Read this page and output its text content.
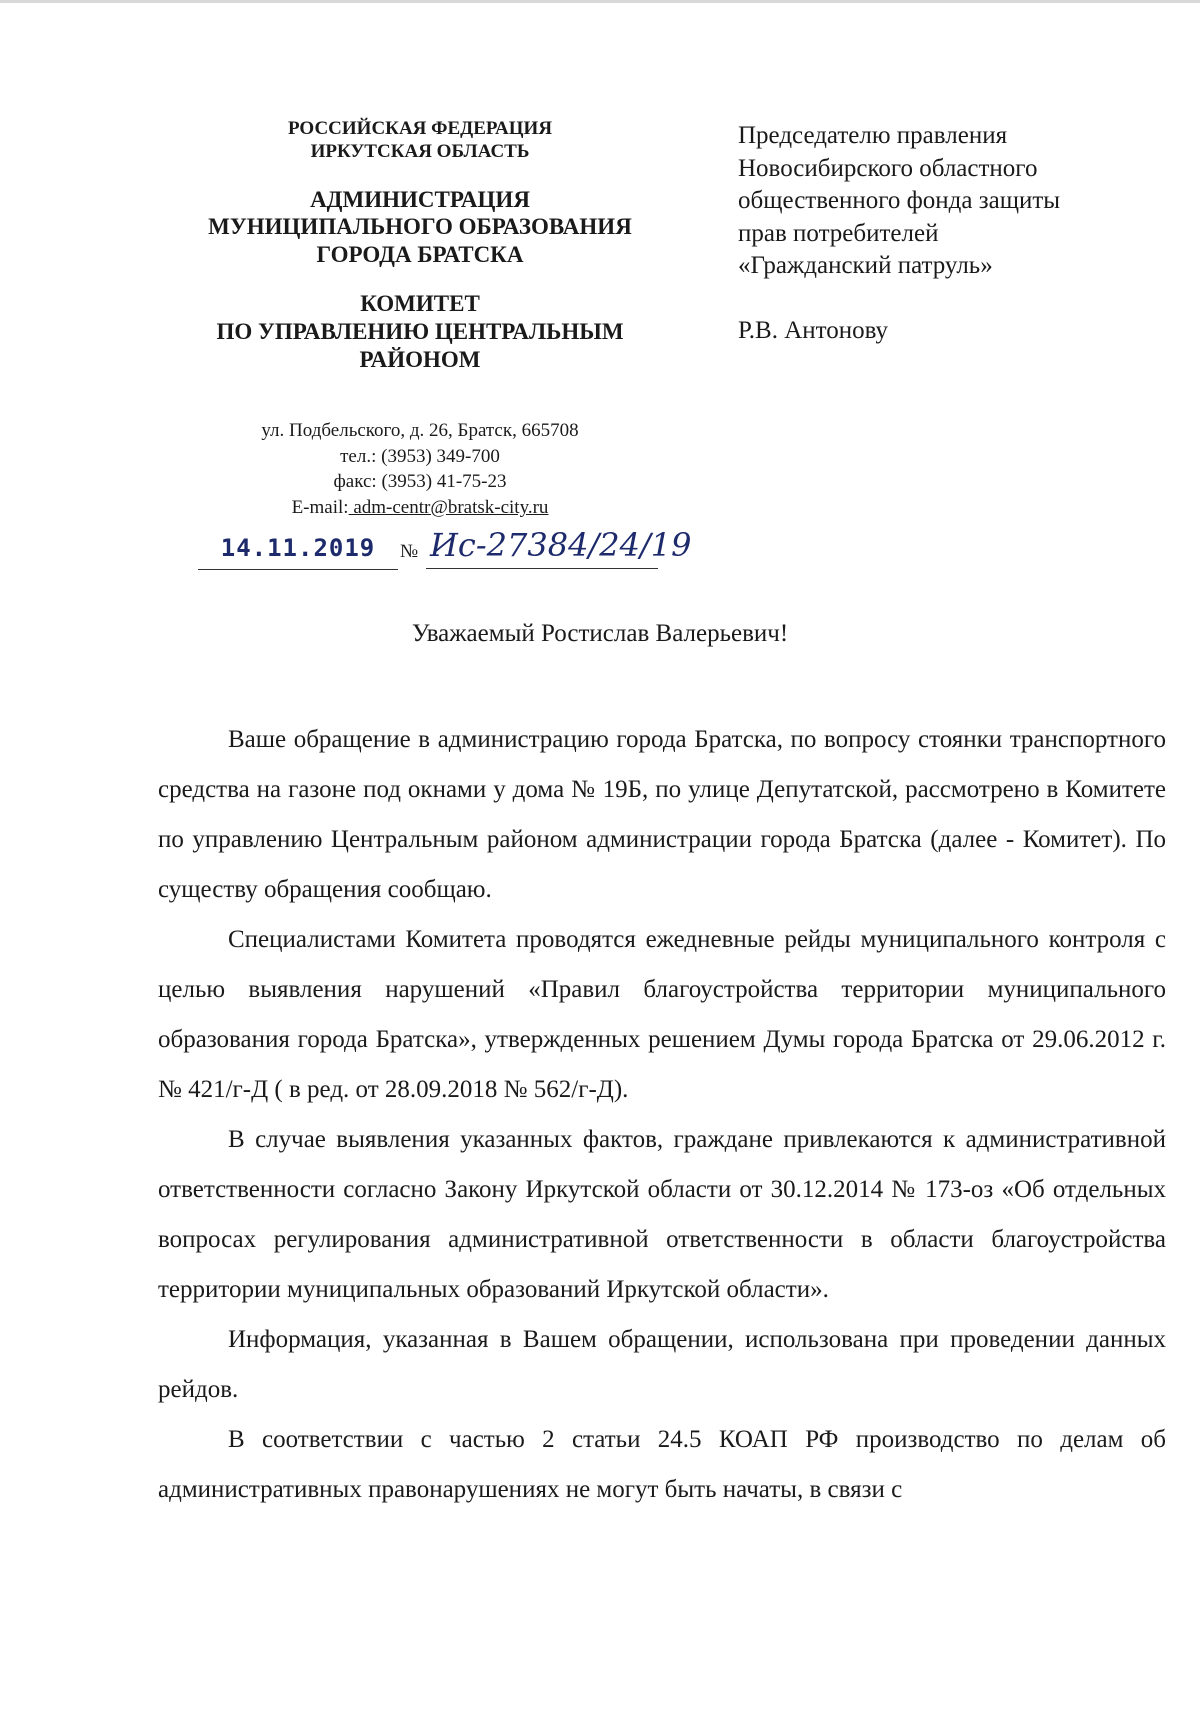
РОССИЙСКАЯ ФЕДЕРАЦИЯ
ИРКУТСКАЯ ОБЛАСТЬ
АДМИНИСТРАЦИЯ
МУНИЦИПАЛЬНОГО ОБРАЗОВАНИЯ
ГОРОДА БРАТСКА
КОМИТЕТ
ПО УПРАВЛЕНИЮ ЦЕНТРАЛЬНЫМ
РАЙОНОМ
ул. Подбельского, д. 26, Братск, 665708
тел.: (3953) 349-700
факс: (3953) 41-75-23
E-mail: adm-centr@bratsk-city.ru
14.11.2019	№ Ис-27384/24/19
Председателю правления
Новосибирского областного
общественного фонда защиты
прав потребителей
«Гражданский патруль»
Р.В. Антонову
Уважаемый Ростислав Валерьевич!

Ваше обращение в администрацию города Братска, по вопросу стоянки транспортного средства на газоне под окнами у дома № 19Б, по улице Депутатской, рассмотрено в Комитете по управлению Центральным районом администрации города Братска (далее - Комитет). По существу обращения сообщаю.

Специалистами Комитета проводятся ежедневные рейды муниципального контроля с целью выявления нарушений «Правил благоустройства территории муниципального образования города Братска», утвержденных решением Думы города Братска от 29.06.2012 г. № 421/г-Д ( в ред. от 28.09.2018 № 562/г-Д).

В случае выявления указанных фактов, граждане привлекаются к административной ответственности согласно Закону Иркутской области от 30.12.2014 № 173-оз «Об отдельных вопросах регулирования административной ответственности в области благоустройства территории муниципальных образований Иркутской области».

Информация, указанная в Вашем обращении, использована при проведении данных рейдов.

В соответствии с частью 2 статьи 24.5 КОАП РФ производство по делам об административных правонарушениях не могут быть начаты, в связи с
